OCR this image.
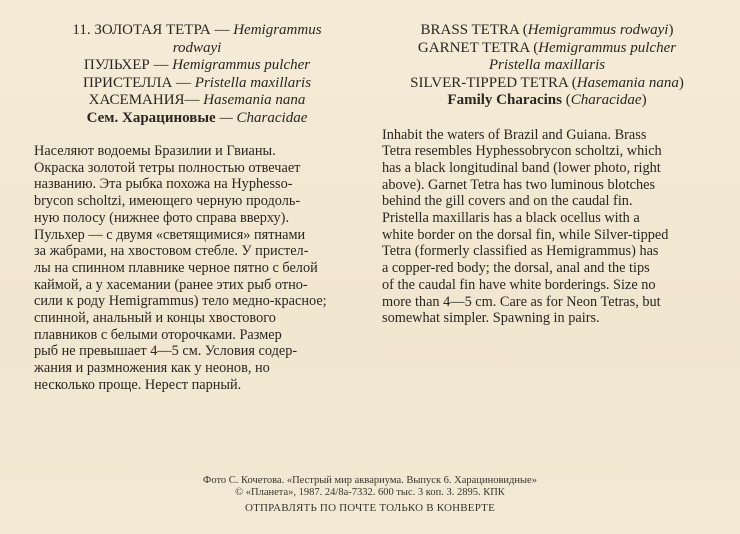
11. ЗОЛОТАЯ ТЕТРА — Hemigrammus
rodwayi
ПУЛЬХЕР — Hemigrammus pulcher
ПРИСТЕЛЛА — Pristella maxillaris
ХАСЕМАНИЯ— Hasemania nana
Сем. Харациновые — Characidae

Населяют водоемы Бразилии и Гвианы.

Окраска золотой тетры полностью отвечает

названию. Эта рыбка похожа на Hyphesso-

brycon scholtzi, имеющего черную продоль-

ную полосу (нижнее фото справа вверху).

Пульхер — с двумя «светящимися» пятнами

за жабрами, на хвостовом стебле. У пристел-

лы на спинном плавнике черное пятно с белой

каймой, а у хасемании (ранее этих рыб отно-

сили к роду Hemigrammus) тело медно-красное;

спинной, анальный и концы хвостового

плавников с белыми оторочками. Размер

рыб не превышает 4—5 см. Условия содер-

жания и размножения как у неонов, но

несколько проще. Нерест парный.

BRASS TETRA (Hemigrammus rodwayi)
GARNET TETRA (Hemigrammus pulcher
Pristella maxillaris
SILVER-TIPPED TETRA (Hasemania nana)
Family Characins (Characidae)

Inhabit the waters of Brazil and Guiana. Brass

Tetra resembles Hyphessobrycon scholtzi, which

has a black longitudinal band (lower photo, right

above). Garnet Tetra has two luminous blotches

behind the gill covers and on the caudal fin.

Pristella maxillaris has a black ocellus with a

white border on the dorsal fin, while Silver-tipped

Tetra (formerly classified as Hemigrammus) has

a copper-red body; the dorsal, anal and the tips

of the caudal fin have white borderings. Size no

more than 4—5 cm. Care as for Neon Tetras, but

somewhat simpler. Spawning in pairs.

Фото С. Кочетова. «Пестрый мир аквариума. Выпуск 6. Харациновидные»
© «Планета», 1987. 24/8а-7332. 600 тыс. 3 коп. З. 2895. КПК
ОТПРАВЛЯТЬ ПО ПОЧТЕ ТОЛЬКО В КОНВЕРТЕ
